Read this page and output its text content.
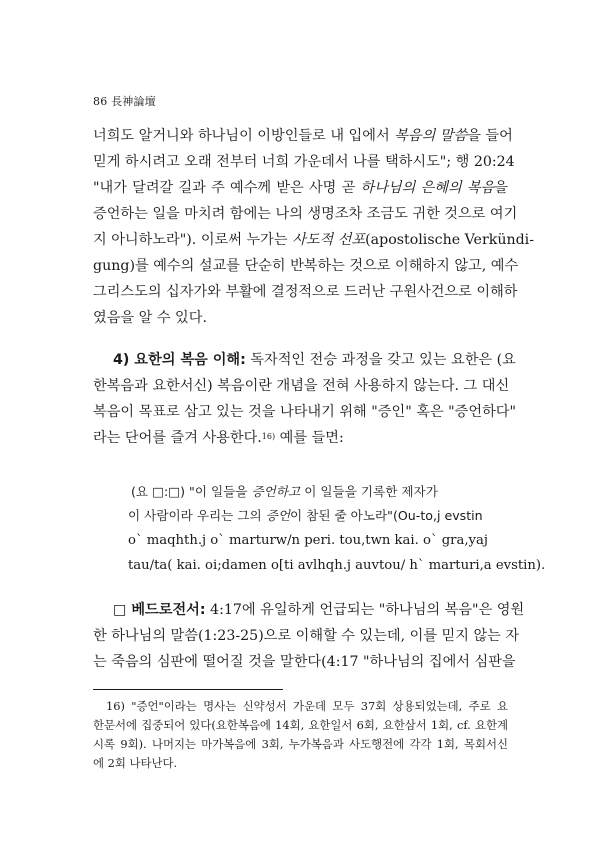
86 長神論壇
너희도 알거니와 하나님이 이방인들로 내 입에서 복음의 말씀을 들어
믿게 하시려고 오래 전부터 너희 가운데서 나를 택하시도"; 행 20:24
"내가 달려갈 길과 주 예수께 받은 사명 곧 하나님의 은혜의 복음을
증언하는 일을 마치려 함에는 나의 생명조차 조금도 귀한 것으로 여기
지 아니하노라"). 이로써 누가는 사도적 선포(apostolische Verkündi-
gung)를 예수의 설교를 단순히 반복하는 것으로 이해하지 않고, 예수
그리스도의 십자가와 부활에 결정적으로 드러난 구원사건으로 이해하
였음을 알 수 있다.
4) 요한의 복음 이해: 독자적인 전승 과정을 갖고 있는 요한은 (요
한복음과 요한서신) 복음이란 개념을 전혀 사용하지 않는다. 그 대신
복음이 목표로 삼고 있는 것을 나타내기 위해 "증인" 혹은 "증언하다"
라는 단어를 즐겨 사용한다.$^{16)}$ 예를 들면:
(요 □:□) "이 일들을 증언하고 이 일들을 기록한 제자가
이 사람이라 우리는 그의 증언이 참된 줄 아노라"(Ou-to,j evstin
o` maqhth.j o` marturw/n peri. tou,twn kai. o` gra,yaj
tau/ta( kai. oi;damen o[ti avlhqh.j auvtou/ h` marturi,a evstin).
□ 베드로전서: 4:17에 유일하게 언급되는 "하나님의 복음"은 영원
한 하나님의 말씀(1:23-25)으로 이해할 수 있는데, 이를 믿지 않는 자
는 죽음의 심판에 떨어질 것을 말한다(4:17 "하나님의 집에서 심판을
16) "증언"이라는 명사는 신약성서 가운데 모두 37회 상용되었는데, 주로 요
한문서에 집중되어 있다(요한복음에 14회, 요한일서 6회, 요한삼서 1회, cf. 요한계
시록 9회). 나머지는 마가복음에 3회, 누가복음과 사도행전에 각각 1회, 목회서신
에 2회 나타난다.
